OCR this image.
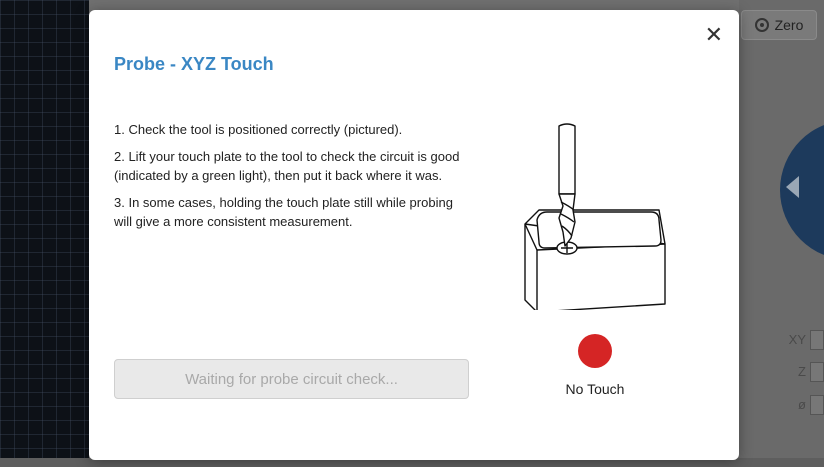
Zero
XY
Z
ø
✕
Probe - XYZ Touch

1. Check the tool is positioned correctly (pictured).

2. Lift your touch plate to the tool to check the circuit is good (indicated by a green light), then put it back where it was.

3. In some cases, holding the touch plate still while probing will give a more consistent measurement.

No Touch
Waiting for probe circuit check...
